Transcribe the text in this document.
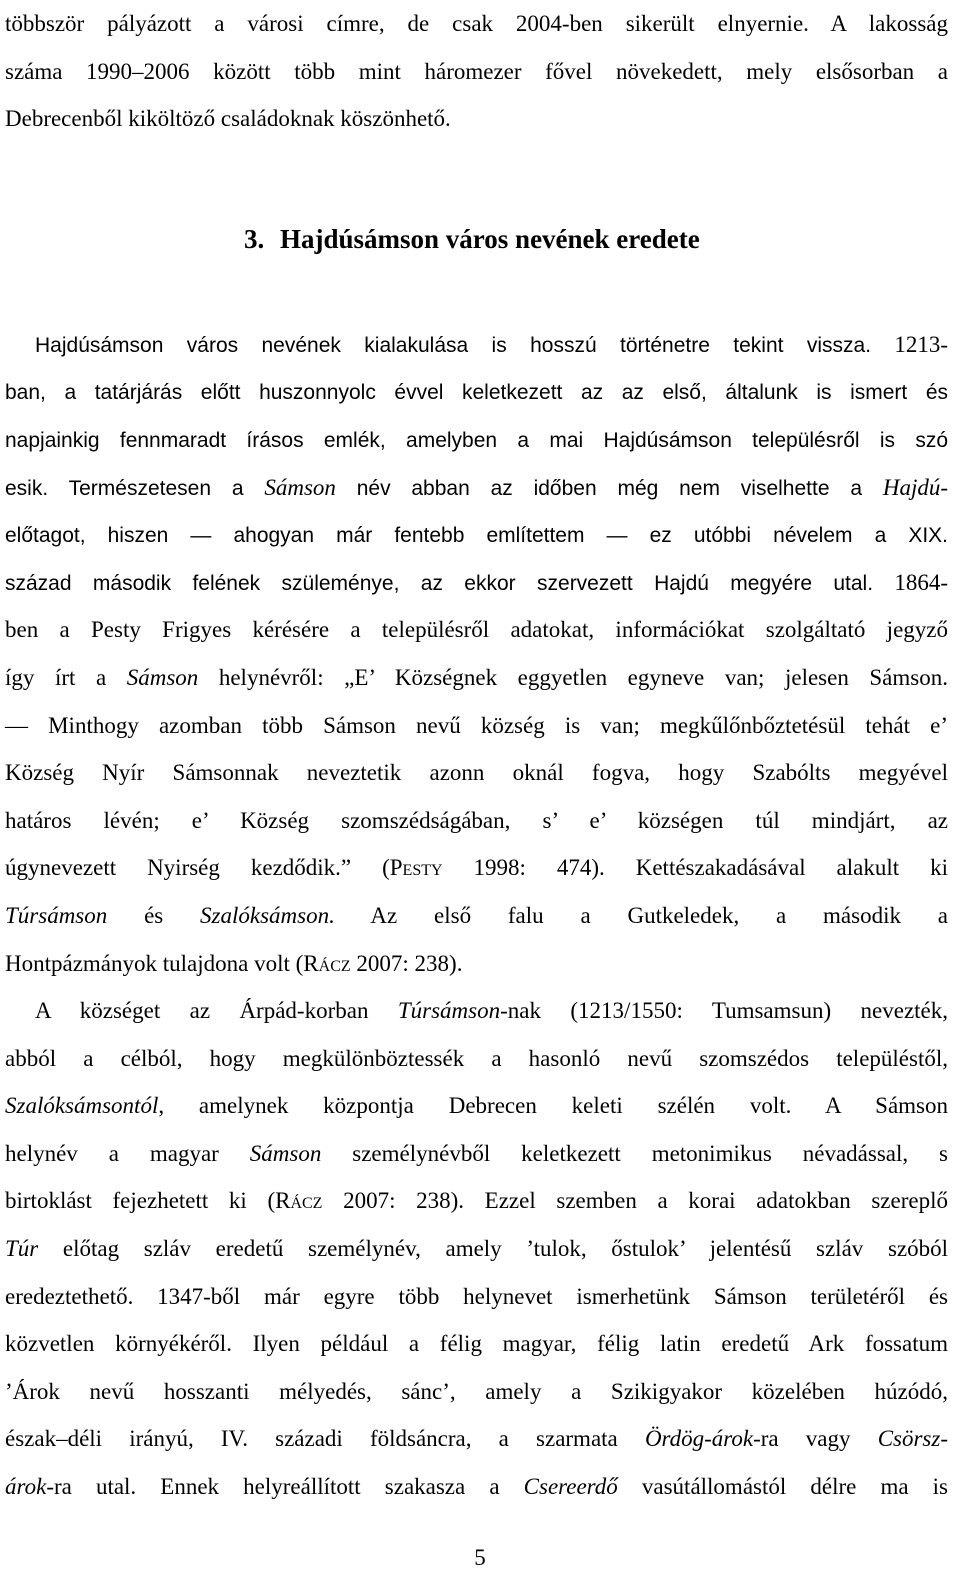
többször pályázott a városi címre, de csak 2004-ben sikerült elnyernie. A lakosság
száma 1990–2006 között több mint háromezer fővel növekedett, mely elsősorban a
Debrecenből kiköltöző családoknak köszönhető.
3. Hajdúsámson város nevének eredete
Hajdúsámson város nevének kialakulása is hosszú történetre tekint vissza. 1213-
ban, a tatárjárás előtt huszonnyolc évvel keletkezett az az első, általunk is ismert és
napjainkig fennmaradt írásos emlék, amelyben a mai Hajdúsámson településről is szó
esik. Természetesen a Sámson név abban az időben még nem viselhette a Hajdú-
előtagot, hiszen ― ahogyan már fentebb említettem ― ez utóbbi névelem a XIX.
század második felének szüleménye, az ekkor szervezett Hajdú megyére utal. 1864-
ben a Pesty Frigyes kérésére a településről adatokat, információkat szolgáltató jegyző
így írt a Sámson helynévről: „E’ Községnek eggyetlen egyneve van; jelesen Sámson.
― Minthogy azomban több Sámson nevű község is van; megkűlőnbőztetésül tehát e’
Község Nyír Sámsonnak neveztetik azonn oknál fogva, hogy Szabólts megyével
határos lévén; e’ Község szomszédságában, s’ e’ községen túl mindjárt, az
úgynevezett Nyirség kezdődik.” (Pesty 1998: 474). Kettészakadásával alakult ki
Túrsámson és Szalóksámson. Az első falu a Gutkeledek, a második a
Hontpázmányok tulajdona volt (Rácz 2007: 238).
A községet az Árpád-korban Túrsámson-nak (1213/1550: Tumsamsun) nevezték,
abból a célból, hogy megkülönböztessék a hasonló nevű szomszédos településtől,
Szalóksámsontól, amelynek központja Debrecen keleti szélén volt. A Sámson
helynév a magyar Sámson személynévből keletkezett metonimikus névadással, s
birtoklást fejezhetett ki (Rácz 2007: 238). Ezzel szemben a korai adatokban szereplő
Túr előtag szláv eredetű személynév, amely ’tulok, őstulok’ jelentésű szláv szóból
eredeztethető. 1347-ből már egyre több helynevet ismerhetünk Sámson területéről és
közvetlen környékéről. Ilyen például a félig magyar, félig latin eredetű Ark fossatum
’Árok nevű hosszanti mélyedés, sánc’, amely a Szikigyakor közelében húzódó,
észak–déli irányú, IV. századi földsáncra, a szarmata Ördög-árok-ra vagy Csörsz-
árok-ra utal. Ennek helyreállított szakasza a Csereerdő vasútállomástól délre ma is
5
